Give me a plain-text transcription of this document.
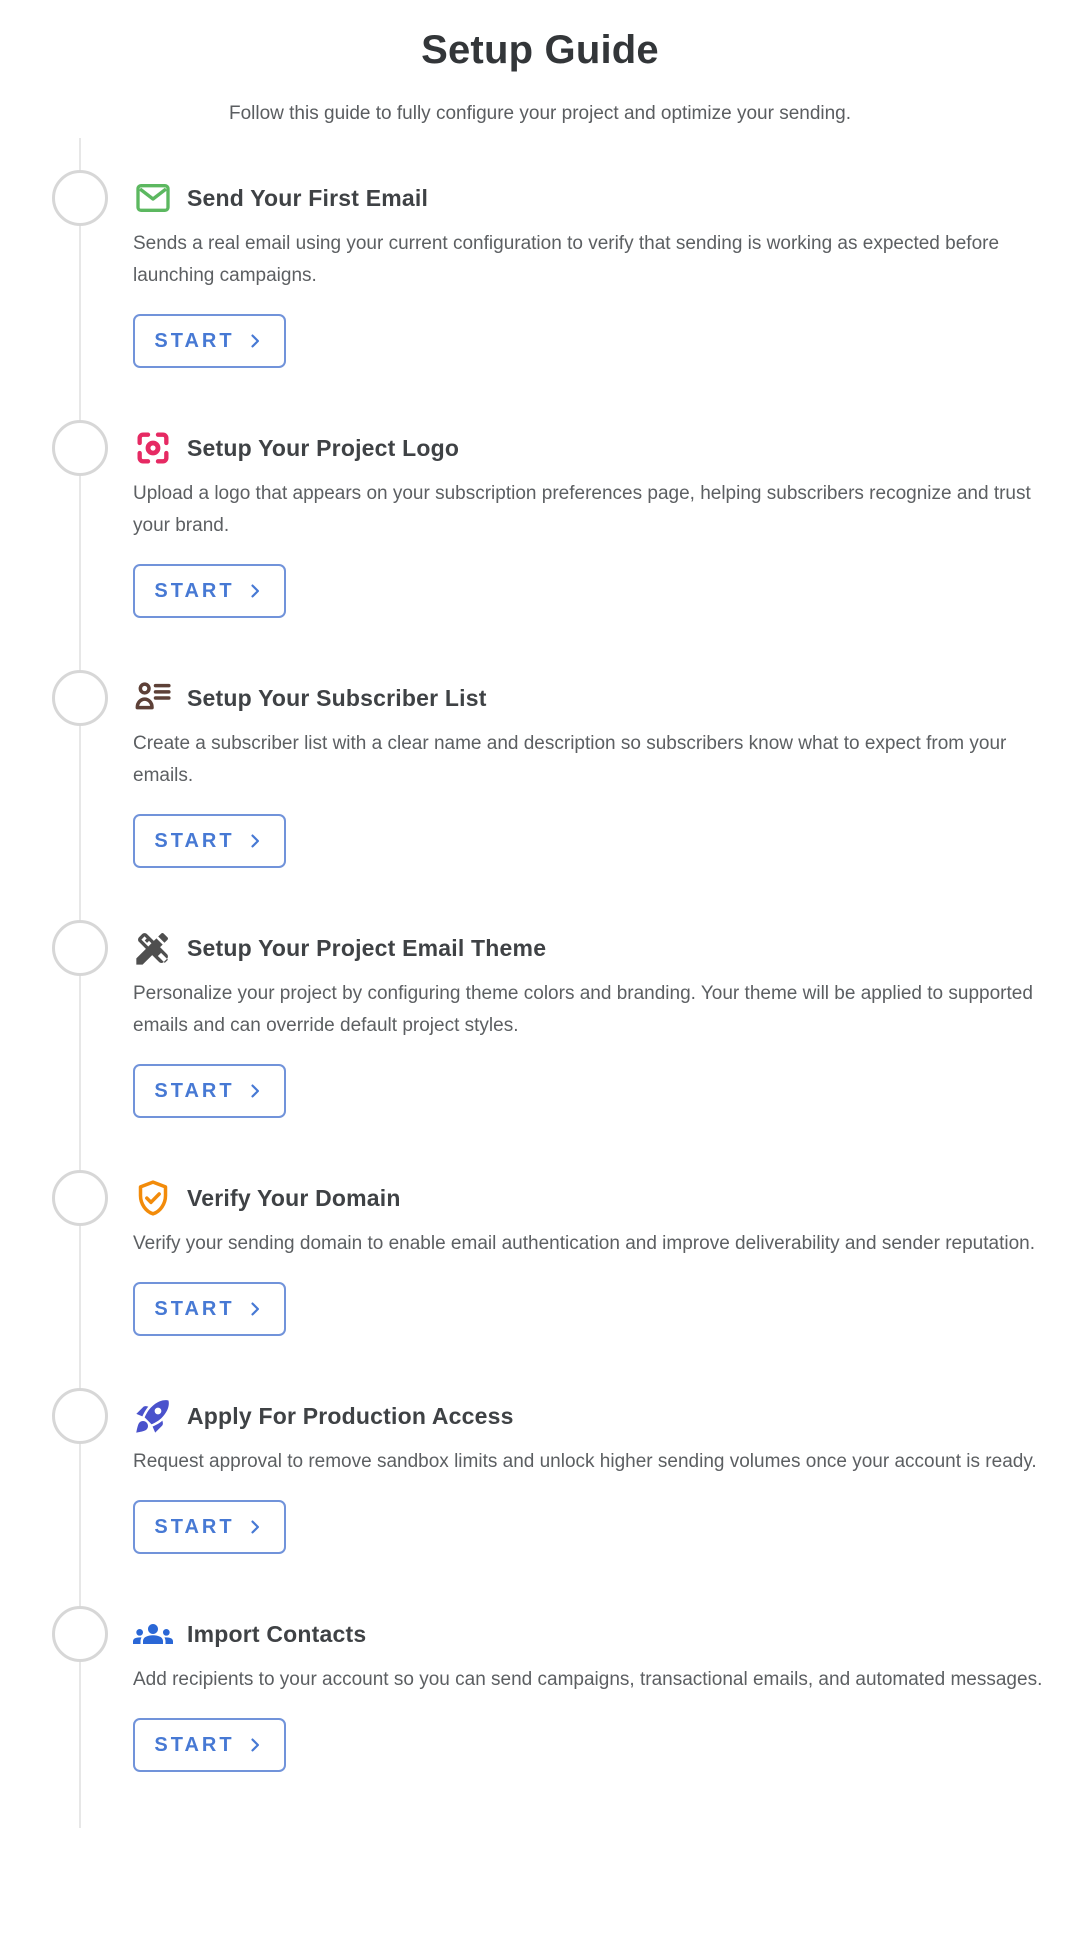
Setup Guide

Follow this guide to fully configure your project and optimize your sending.

Send Your First Email

Sends a real email using your current configuration to verify that sending is working as expected before launching campaigns.

START
Setup Your Project Logo

Upload a logo that appears on your subscription preferences page, helping subscribers recognize and trust your brand.

START
Setup Your Subscriber List

Create a subscriber list with a clear name and description so subscribers know what to expect from your emails.

START
Setup Your Project Email Theme

Personalize your project by configuring theme colors and branding. Your theme will be applied to supported emails and can override default project styles.

START
Verify Your Domain

Verify your sending domain to enable email authentication and improve deliverability and sender reputation.

START
Apply For Production Access

Request approval to remove sandbox limits and unlock higher sending volumes once your account is ready.

START
Import Contacts

Add recipients to your account so you can send campaigns, transactional emails, and automated messages.

START
